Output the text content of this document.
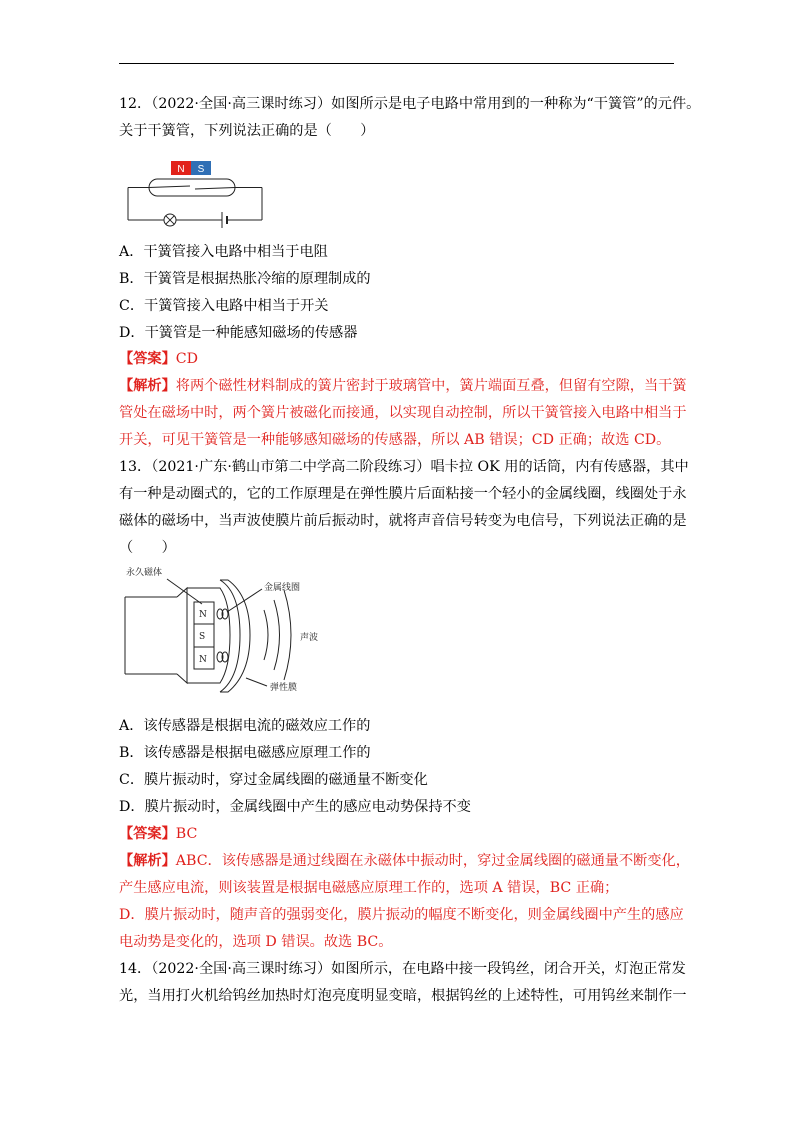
12．（2022·全国·高三课时练习）如图所示是电子电路中常用到的一种称为“干簧管”的元件。
关于干簧管，下列说法正确的是（　　）
N S
A．干簧管接入电路中相当于电阻
B．干簧管是根据热胀冷缩的原理制成的
C．干簧管接入电路中相当于开关
D．干簧管是一种能感知磁场的传感器
【答案】CD
【解析】将两个磁性材料制成的簧片密封于玻璃管中，簧片端面互叠，但留有空隙，当干簧
管处在磁场中时，两个簧片被磁化而接通，以实现自动控制，所以干簧管接入电路中相当于
开关，可见干簧管是一种能够感知磁场的传感器，所以 AB 错误；CD 正确；故选 CD。
13．（2021·广东·鹤山市第二中学高二阶段练习）唱卡拉 OK 用的话筒，内有传感器，其中
有一种是动圈式的，它的工作原理是在弹性膜片后面粘接一个轻小的金属线圈，线圈处于永
磁体的磁场中，当声波使膜片前后振动时，就将声音信号转变为电信号，下列说法正确的是
（　　）
永久磁体
金属线圈
声波
弹性膜
N
S
N
A．该传感器是根据电流的磁效应工作的
B．该传感器是根据电磁感应原理工作的
C．膜片振动时，穿过金属线圈的磁通量不断变化
D．膜片振动时，金属线圈中产生的感应电动势保持不变
【答案】BC
【解析】ABC．该传感器是通过线圈在永磁体中振动时，穿过金属线圈的磁通量不断变化，
产生感应电流，则该装置是根据电磁感应原理工作的，选项 A 错误，BC 正确；
D．膜片振动时，随声音的强弱变化，膜片振动的幅度不断变化，则金属线圈中产生的感应
电动势是变化的，选项 D 错误。故选 BC。
14．（2022·全国·高三课时练习）如图所示，在电路中接一段钨丝，闭合开关，灯泡正常发
光，当用打火机给钨丝加热时灯泡亮度明显变暗，根据钨丝的上述特性，可用钨丝来制作一
